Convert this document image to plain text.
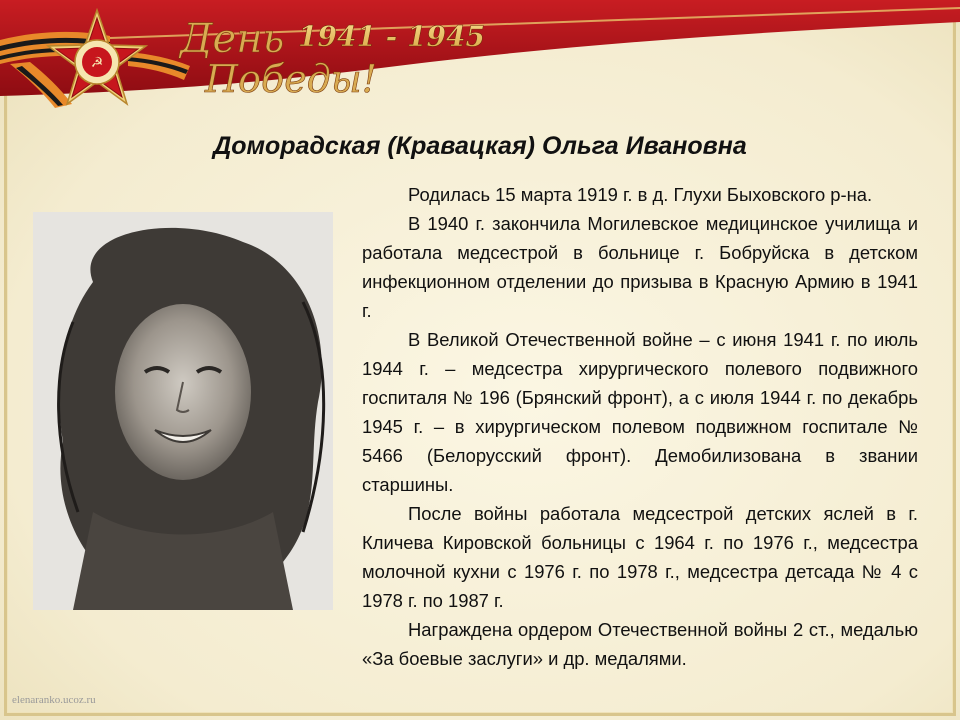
☭
День
Победы!
1941 - 1945
Доморадская (Кравацкая) Ольга Ивановна

Родилась 15 марта 1919 г. в д. Глухи Быховского р-на.

В 1940 г. закончила Могилевское медицинское училища и работала медсестрой в больнице г. Бобруйска в детском инфекционном отделении до призыва в Красную Армию в 1941 г.

В Великой Отечественной войне – с июня 1941 г. по июль 1944 г. – медсестра хирургического полевого подвижного госпиталя № 196 (Брянский фронт), а с июля 1944 г. по декабрь 1945 г. – в хирургическом полевом подвижном госпитале № 5466 (Белорусский фронт). Демобилизована в звании старшины.

После войны работала медсестрой детских яслей в г. Кличева Кировской больницы с 1964 г. по 1976 г., медсестра молочной кухни с 1976 г. по 1978 г., медсестра детсада № 4 с 1978 г. по 1987 г.

Награждена ордером Отечественной войны 2 ст., медалью «За боевые заслуги» и др. медалями.

elenaranko.ucoz.ru
